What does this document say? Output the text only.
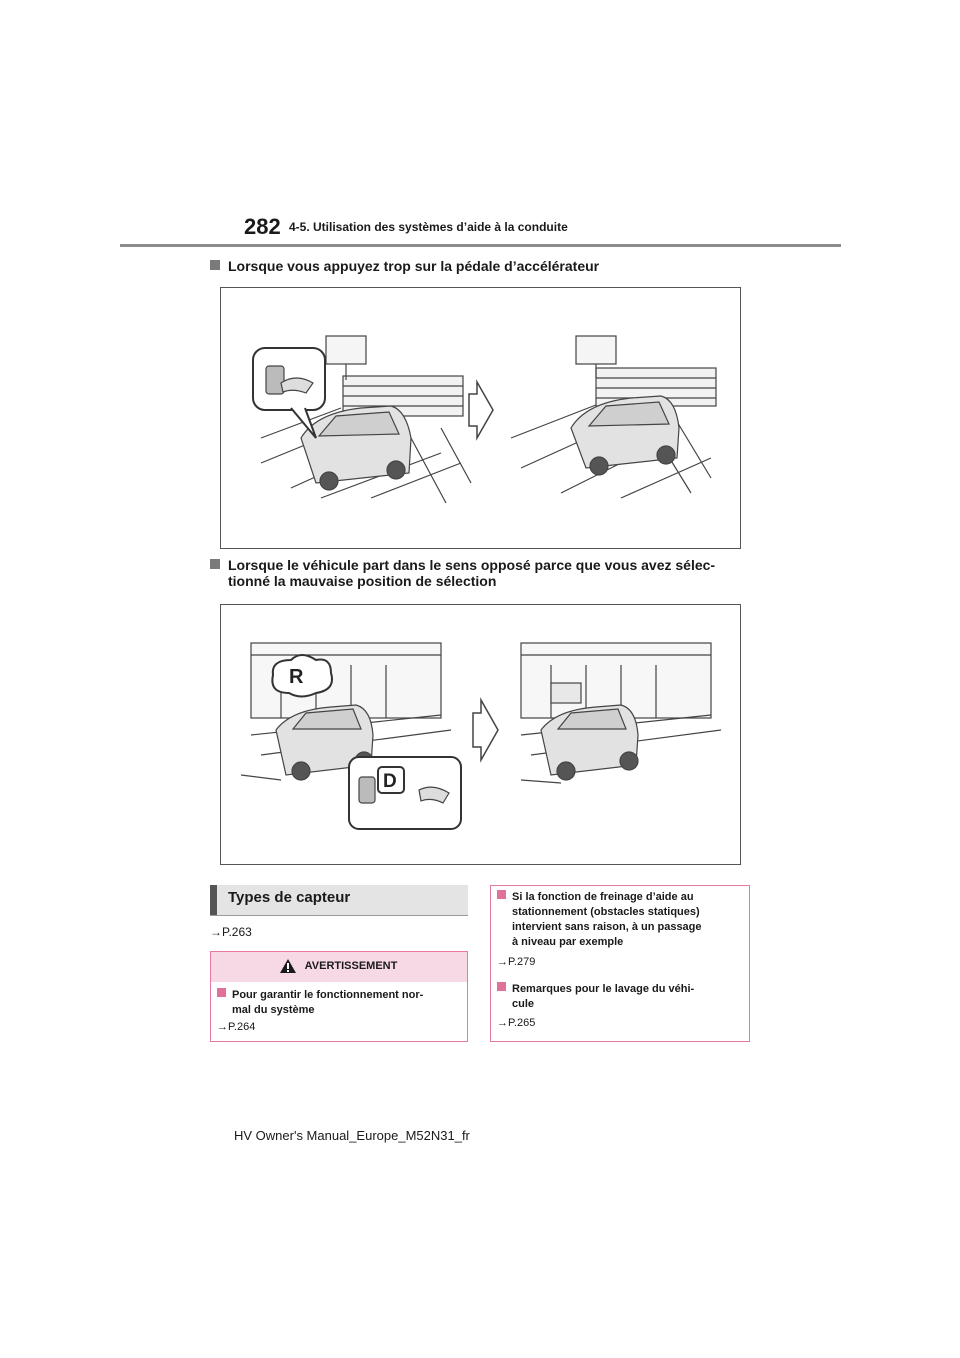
282 4-5. Utilisation des systèmes d’aide à la conduite
Lorsque vous appuyez trop sur la pédale d’accélérateur
Lorsque le véhicule part dans le sens opposé parce que vous avez sélec-
tionné la mauvaise position de sélection
R
D
Types de capteur
→P.263
AVERTISSEMENT
Pour garantir le fonctionnement nor-
mal du système
→P.264
Si la fonction de freinage d’aide au
stationnement (obstacles statiques)
intervient sans raison, à un passage
à niveau par exemple
→P.279
Remarques pour le lavage du véhi-
cule
→P.265
HV Owner's Manual_Europe_M52N31_fr
